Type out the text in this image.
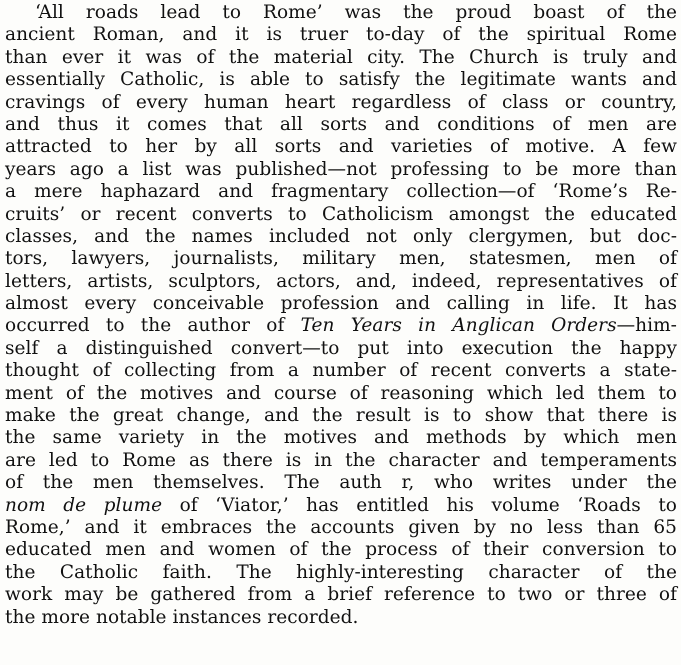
‘All roads lead to Rome’ was the proud boast of the
ancient Roman, and it is truer to-day of the spiritual Rome
than ever it was of the material city. The Church is truly and
essentially Catholic, is able to satisfy the legitimate wants and
cravings of every human heart regardless of class or country,
and thus it comes that all sorts and conditions of men are
attracted to her by all sorts and varieties of motive. A few
years ago a list was published—not professing to be more than
a mere haphazard and fragmentary collection—of ‘Rome’s Re-
cruits’ or recent converts to Catholicism amongst the educated
classes, and the names included not only clergymen, but doc-
tors, lawyers, journalists, military men, statesmen, men of
letters, artists, sculptors, actors, and, indeed, representatives of
almost every conceivable profession and calling in life. It has
occurred to the author of Ten Years in Anglican Orders—him-
self a distinguished convert—to put into execution the happy
thought of collecting from a number of recent converts a state-
ment of the motives and course of reasoning which led them to
make the great change, and the result is to show that there is
the same variety in the motives and methods by which men
are led to Rome as there is in the character and temperaments
of the men themselves. The auth r, who writes under the
nom de plume of ‘Viator,’ has entitled his volume ‘Roads to
Rome,’ and it embraces the accounts given by no less than 65
educated men and women of the process of their conversion to
the Catholic faith. The highly-interesting character of the
work may be gathered from a brief reference to two or three of
the more notable instances recorded.
